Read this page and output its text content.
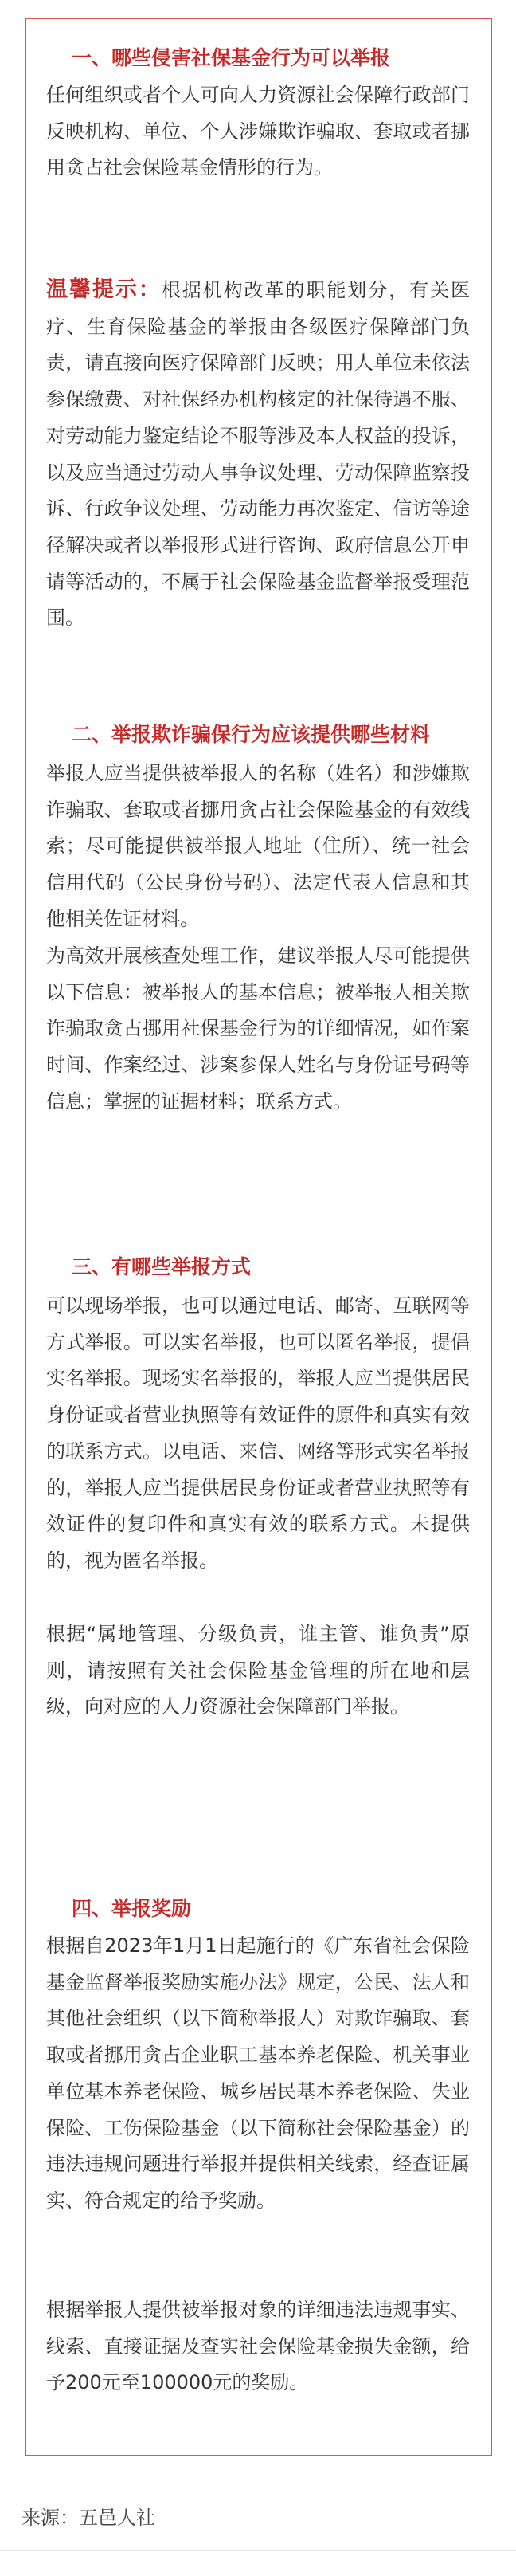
一、哪些侵害社保基金行为可以举报
任何组织或者个人可向人力资源社会保障行政部门反映机构、单位、个人涉嫌欺诈骗取、套取或者挪用贪占社会保险基金情形的行为。
温馨提示：根据机构改革的职能划分，有关医疗、生育保险基金的举报由各级医疗保障部门负责，请直接向医疗保障部门反映；用人单位未依法参保缴费、对社保经办机构核定的社保待遇不服、对劳动能力鉴定结论不服等涉及本人权益的投诉，以及应当通过劳动人事争议处理、劳动保障监察投诉、行政争议处理、劳动能力再次鉴定、信访等途径解决或者以举报形式进行咨询、政府信息公开申请等活动的，不属于社会保险基金监督举报受理范围。
二、举报欺诈骗保行为应该提供哪些材料
举报人应当提供被举报人的名称（姓名）和涉嫌欺诈骗取、套取或者挪用贪占社会保险基金的有效线索；尽可能提供被举报人地址（住所）、统一社会信用代码（公民身份号码）、法定代表人信息和其他相关佐证材料。
为高效开展核查处理工作，建议举报人尽可能提供以下信息：被举报人的基本信息；被举报人相关欺诈骗取贪占挪用社保基金行为的详细情况，如作案时间、作案经过、涉案参保人姓名与身份证号码等信息；掌握的证据材料；联系方式。
三、有哪些举报方式
可以现场举报，也可以通过电话、邮寄、互联网等方式举报。可以实名举报，也可以匿名举报，提倡实名举报。现场实名举报的，举报人应当提供居民身份证或者营业执照等有效证件的原件和真实有效的联系方式。以电话、来信、网络等形式实名举报的，举报人应当提供居民身份证或者营业执照等有效证件的复印件和真实有效的联系方式。未提供的，视为匿名举报。
根据“属地管理、分级负责，谁主管、谁负责”原则，请按照有关社会保险基金管理的所在地和层级，向对应的人力资源社会保障部门举报。
四、举报奖励
根据自2023年1月1日起施行的《广东省社会保险基金监督举报奖励实施办法》规定，公民、法人和其他社会组织（以下简称举报人）对欺诈骗取、套取或者挪用贪占企业职工基本养老保险、机关事业单位基本养老保险、城乡居民基本养老保险、失业保险、工伤保险基金（以下简称社会保险基金）的违法违规问题进行举报并提供相关线索，经查证属实、符合规定的给予奖励。
根据举报人提供被举报对象的详细违法违规事实、线索、直接证据及查实社会保险基金损失金额，给予200元至100000元的奖励。
来源：五邑人社
